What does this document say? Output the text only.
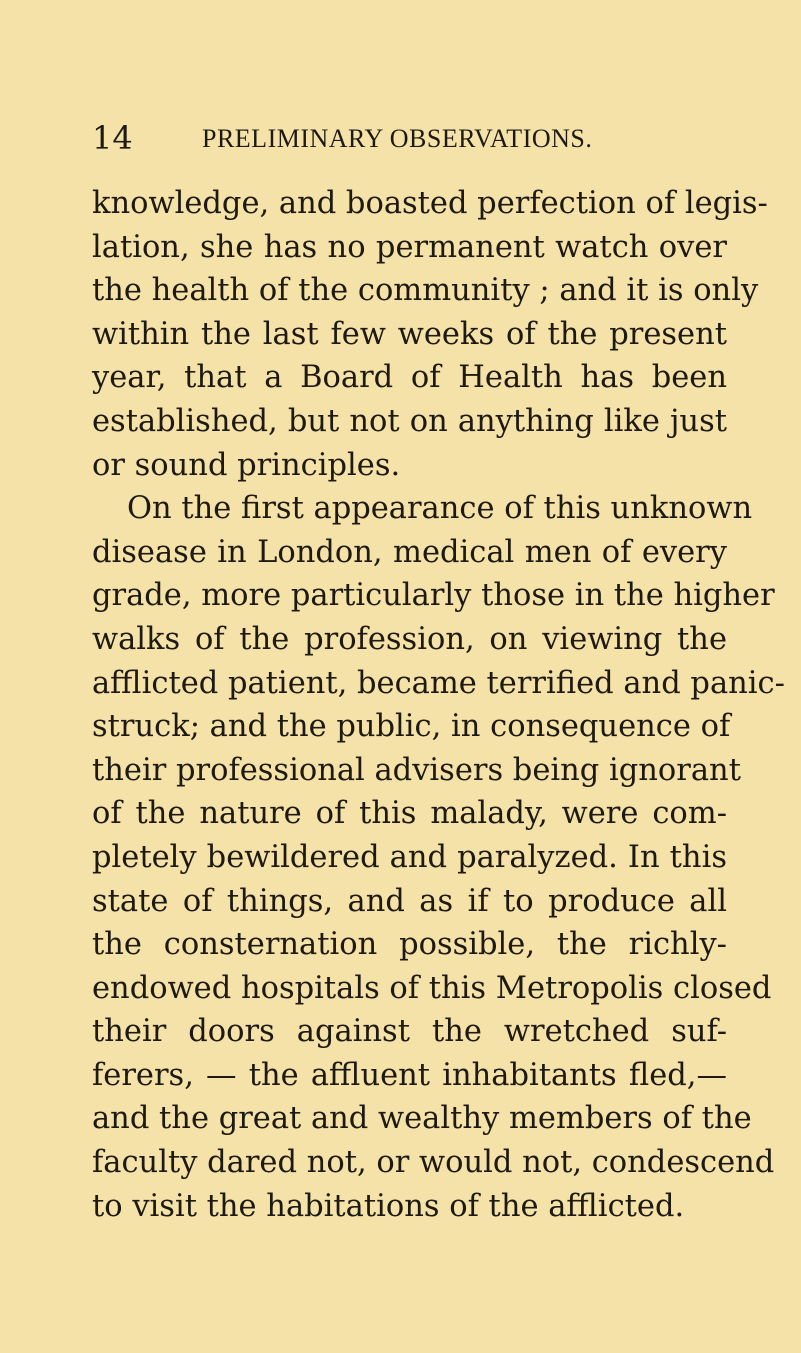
14	PRELIMINARY OBSERVATIONS.
knowledge, and boasted perfection of legis-
lation, she has no permanent watch over
the health of the community ; and it is only
within the last few weeks of the present
year, that a Board of Health has been
established, but not on anything like just
or sound principles.
On the first appearance of this unknown
disease in London, medical men of every
grade, more particularly those in the higher
walks of the profession, on viewing the
afflicted patient, became terrified and panic-
struck; and the public, in consequence of
their professional advisers being ignorant
of the nature of this malady, were com-
pletely bewildered and paralyzed. In this
state of things, and as if to produce all
the consternation possible, the richly-
endowed hospitals of this Metropolis closed
their doors against the wretched suf-
ferers, — the affluent inhabitants fled,—
and the great and wealthy members of the
faculty dared not, or would not, condescend
to visit the habitations of the afflicted.
